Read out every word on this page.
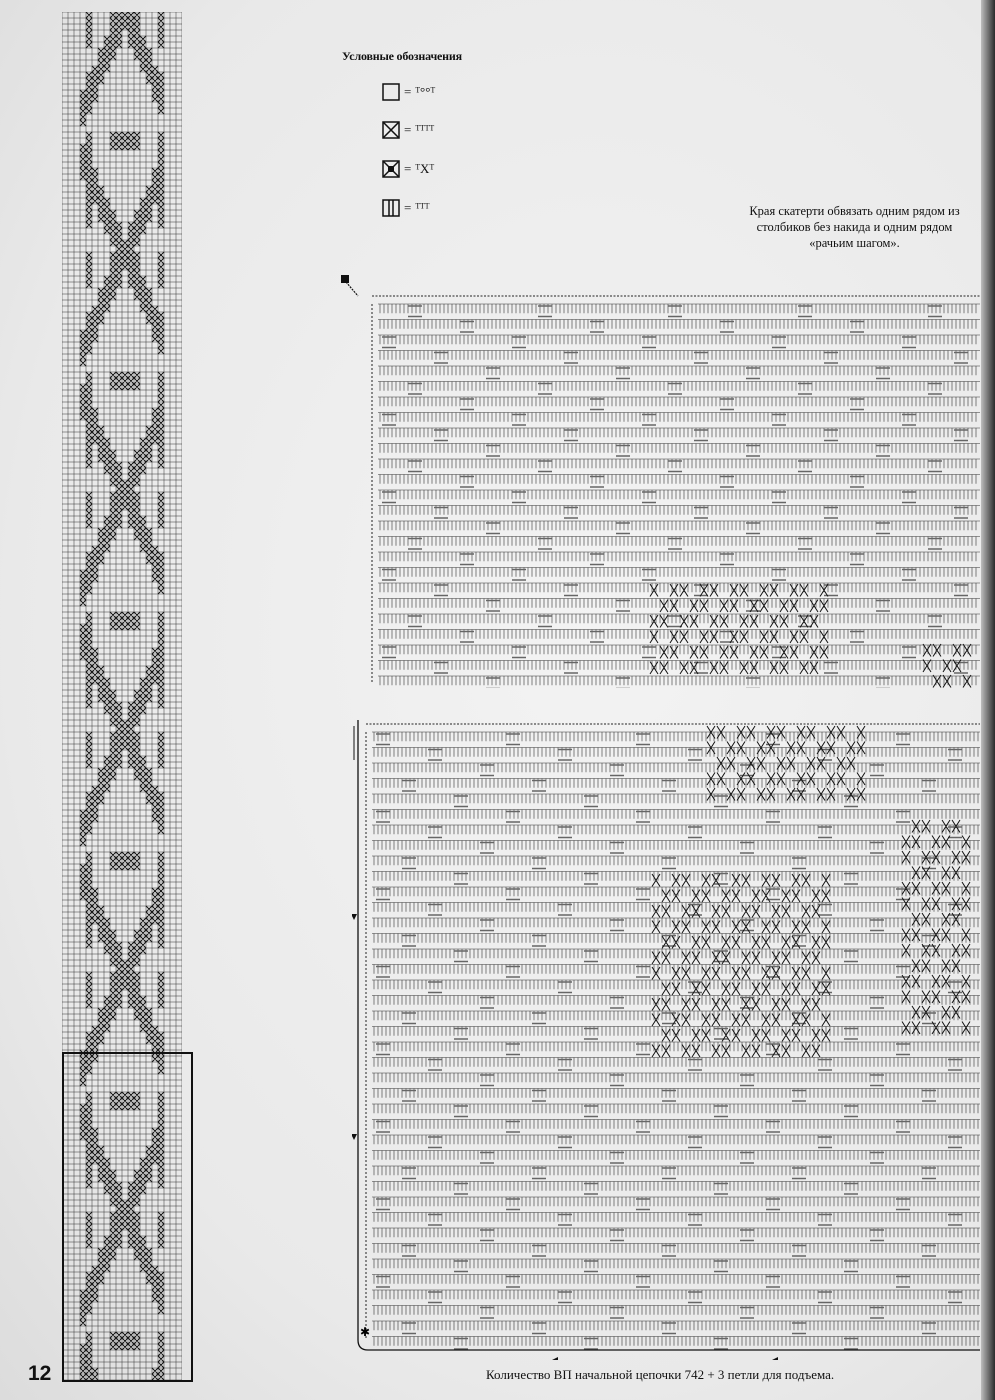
Условные обозначения
= ᵀ°°ᵀ
= ᵀᵀᵀᵀ
= ᵀXᵀ
= ᵀᵀᵀ	Края скатерти обвязать одним рядом из столбиков без накида и одним рядом «рачьим шагом».
✱
12	Количество ВП начальной цепочки 742 + 3 петли для подъема.
